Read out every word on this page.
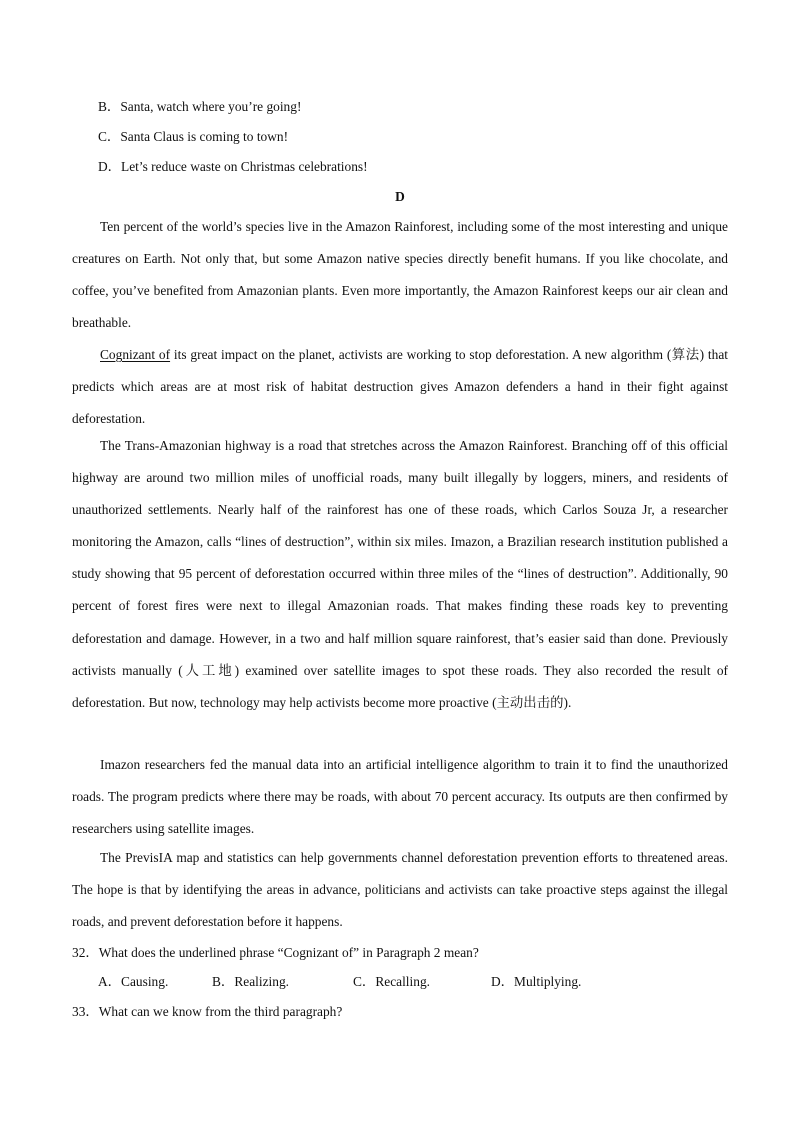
B．Santa, watch where you’re going!
C．Santa Claus is coming to town!
D．Let’s reduce waste on Christmas celebrations!
D
Ten percent of the world’s species live in the Amazon Rainforest, including some of the most interesting and unique creatures on Earth. Not only that, but some Amazon native species directly benefit humans. If you like chocolate, and coffee, you’ve benefited from Amazonian plants. Even more importantly, the Amazon Rainforest keeps our air clean and breathable.
Cognizant of its great impact on the planet, activists are working to stop deforestation. A new algorithm (算法) that predicts which areas are at most risk of habitat destruction gives Amazon defenders a hand in their fight against deforestation.
The Trans-Amazonian highway is a road that stretches across the Amazon Rainforest. Branching off of this official highway are around two million miles of unofficial roads, many built illegally by loggers, miners, and residents of unauthorized settlements. Nearly half of the rainforest has one of these roads, which Carlos Souza Jr, a researcher monitoring the Amazon, calls “lines of destruction”, within six miles. Imazon, a Brazilian research institution published a study showing that 95 percent of deforestation occurred within three miles of the “lines of destruction”. Additionally, 90 percent of forest fires were next to illegal Amazonian roads. That makes finding these roads key to preventing deforestation and damage. However, in a two and half million square rainforest, that’s easier said than done. Previously activists manually (人工地) examined over satellite images to spot these roads. They also recorded the result of deforestation. But now, technology may help activists become more proactive (主动出击的).
Imazon researchers fed the manual data into an artificial intelligence algorithm to train it to find the unauthorized roads. The program predicts where there may be roads, with about 70 percent accuracy. Its outputs are then confirmed by researchers using satellite images.
The PrevisIA map and statistics can help governments channel deforestation prevention efforts to threatened areas. The hope is that by identifying the areas in advance, politicians and activists can take proactive steps against the illegal roads, and prevent deforestation before it happens.
32．What does the underlined phrase “Cognizant of” in Paragraph 2 mean?
A．Causing.	B．Realizing.	C．Recalling.	D．Multiplying.
33．What can we know from the third paragraph?
